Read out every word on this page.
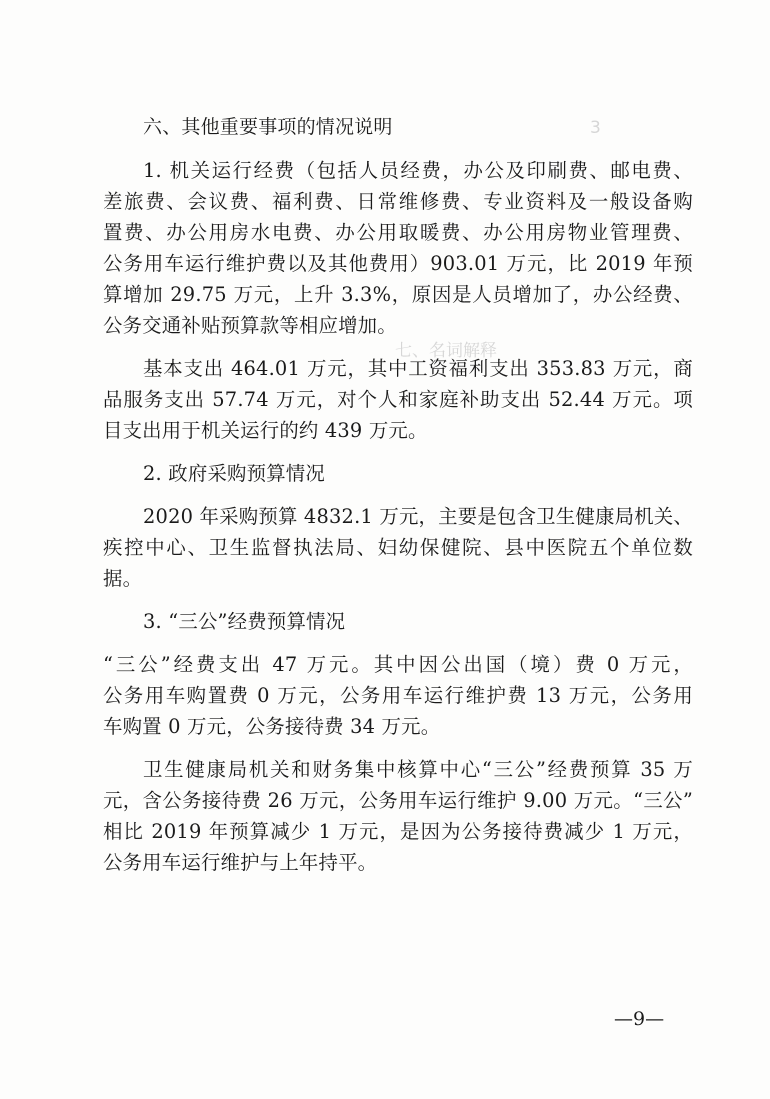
3
七、名词解释
六、其他重要事项的情况说明
1. 机关运行经费（包括人员经费，办公及印刷费、邮电费、
差旅费、会议费、福利费、日常维修费、专业资料及一般设备购
置费、办公用房水电费、办公用取暖费、办公用房物业管理费、
公务用车运行维护费以及其他费用）903.01 万元，比 2019 年预
算增加 29.75 万元，上升 3.3%，原因是人员增加了，办公经费、
公务交通补贴预算款等相应增加。
基本支出 464.01 万元，其中工资福利支出 353.83 万元，商
品服务支出 57.74 万元，对个人和家庭补助支出 52.44 万元。项
目支出用于机关运行的约 439 万元。
2. 政府采购预算情况
2020 年采购预算 4832.1 万元，主要是包含卫生健康局机关、
疾控中心、卫生监督执法局、妇幼保健院、县中医院五个单位数
据。
3. “三公”经费预算情况
“三公”经费支出 47 万元。其中因公出国（境）费 0 万元，
公务用车购置费 0 万元，公务用车运行维护费 13 万元，公务用
车购置 0 万元，公务接待费 34 万元。
卫生健康局机关和财务集中核算中心“三公”经费预算 35 万
元，含公务接待费 26 万元，公务用车运行维护 9.00 万元。“三公”
相比 2019 年预算减少 1 万元，是因为公务接待费减少 1 万元，
公务用车运行维护与上年持平。
—9—
